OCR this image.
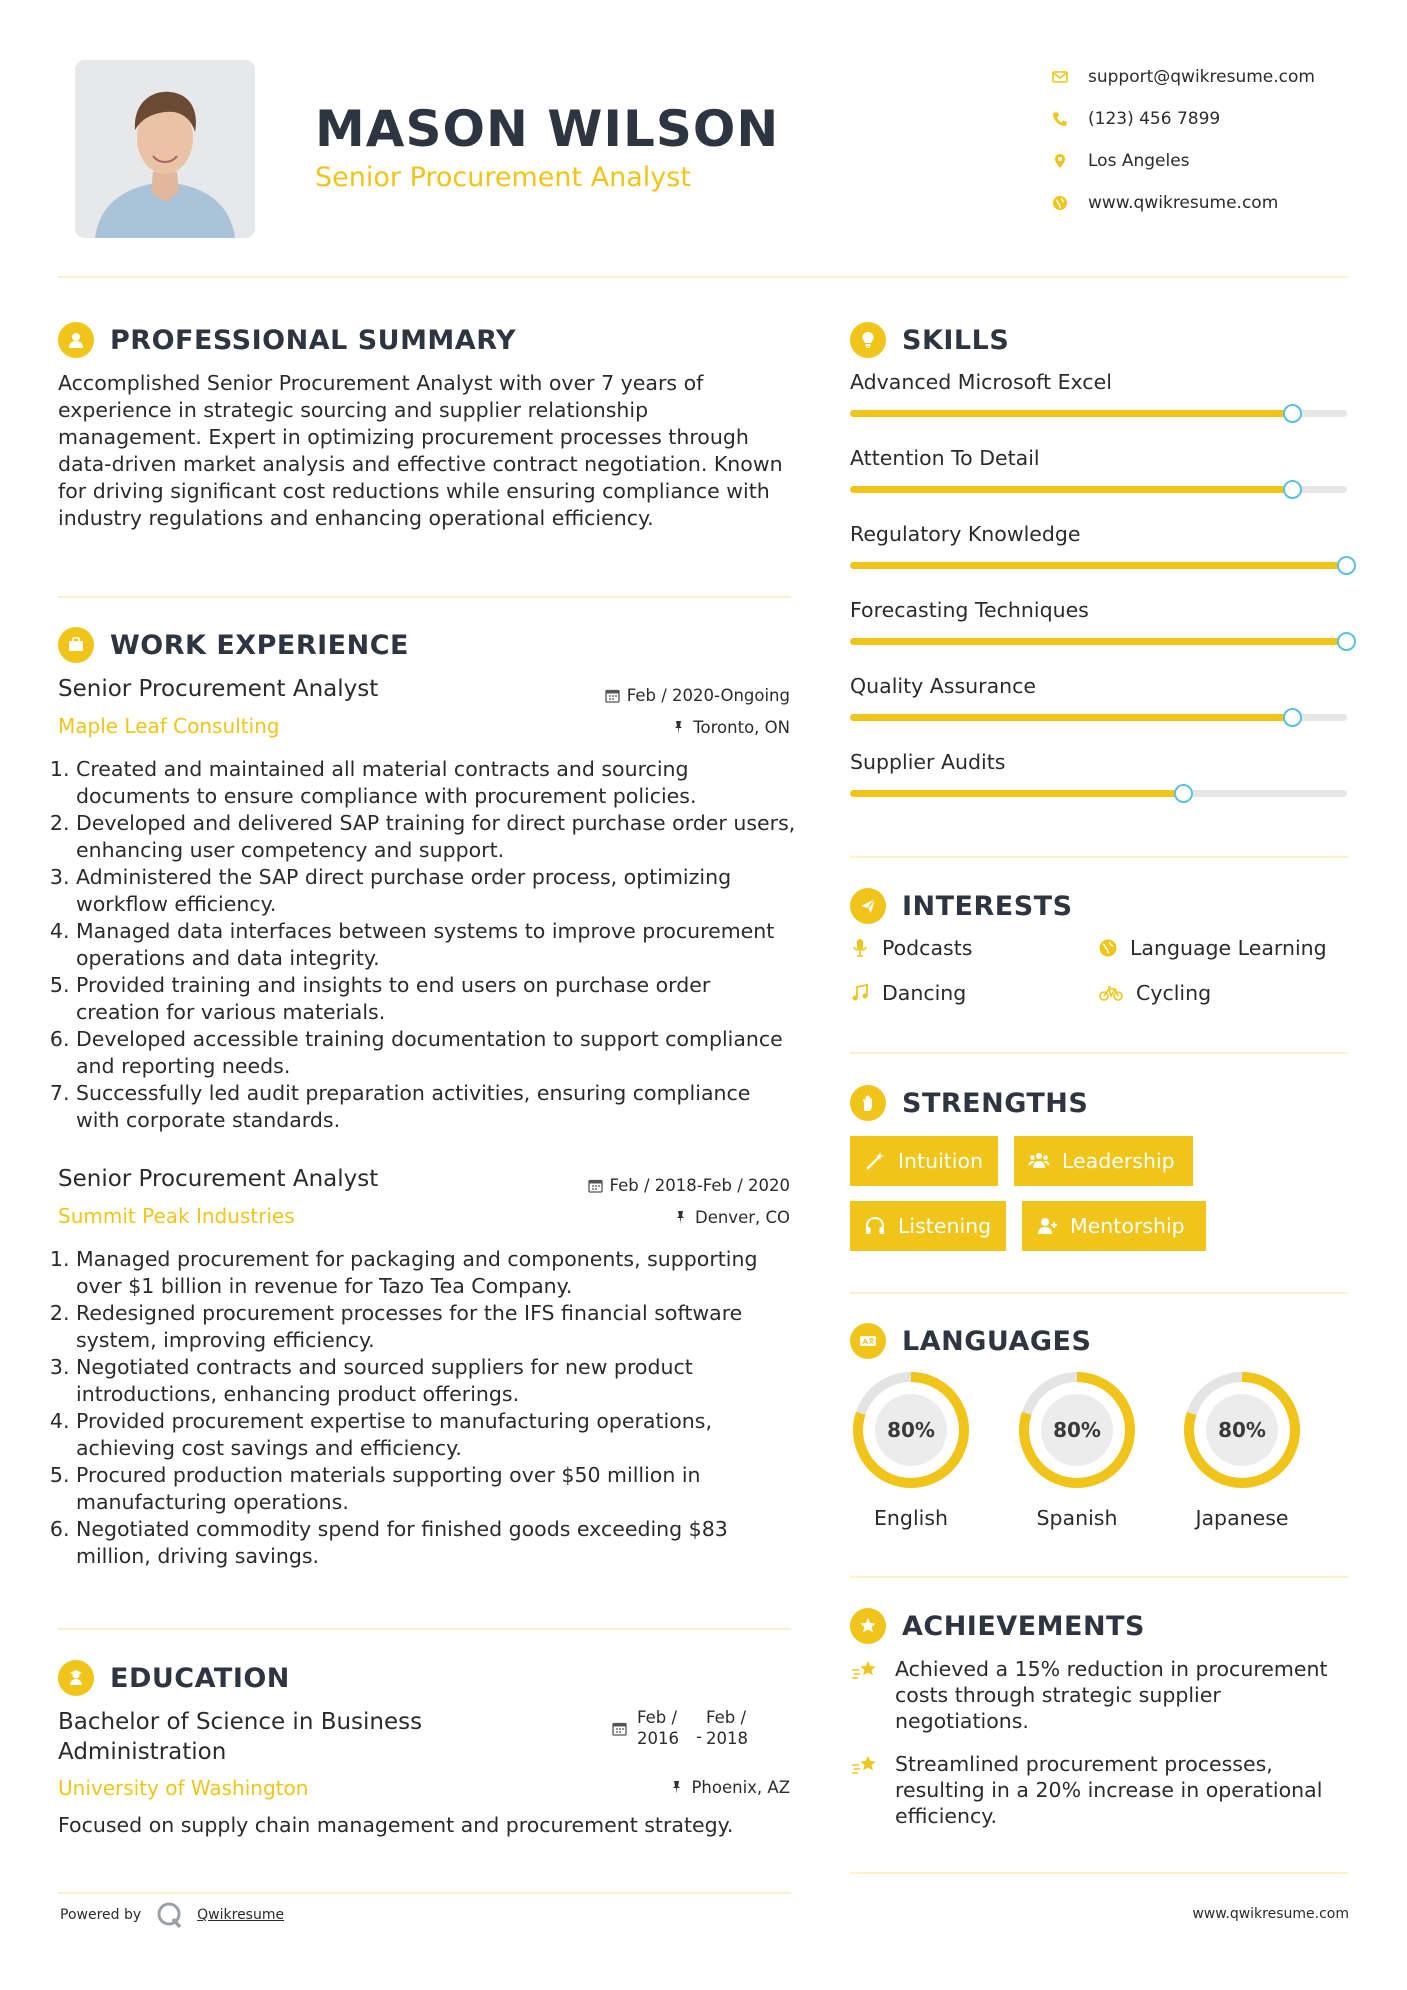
MASON WILSON
Senior Procurement Analyst
support@qwikresume.com
(123) 456 7899
Los Angeles
www.qwikresume.com
PROFESSIONAL SUMMARY
Accomplished Senior Procurement Analyst with over 7 years of experience in strategic sourcing and supplier relationship management. Expert in optimizing procurement processes through data-driven market analysis and effective contract negotiation. Known for driving significant cost reductions while ensuring compliance with industry regulations and enhancing operational efficiency.
WORK EXPERIENCE
Senior Procurement Analyst	Feb / 2020-Ongoing
Maple Leaf Consulting	Toronto, ON
1. Created and maintained all material contracts and sourcing documents to ensure compliance with procurement policies.
2. Developed and delivered SAP training for direct purchase order users, enhancing user competency and support.
3. Administered the SAP direct purchase order process, optimizing workflow efficiency.
4. Managed data interfaces between systems to improve procurement operations and data integrity.
5. Provided training and insights to end users on purchase order creation for various materials.
6. Developed accessible training documentation to support compliance and reporting needs.
7. Successfully led audit preparation activities, ensuring compliance with corporate standards.
Senior Procurement Analyst	Feb / 2018-Feb / 2020
Summit Peak Industries	Denver, CO
1. Managed procurement for packaging and components, supporting over $1 billion in revenue for Tazo Tea Company.
2. Redesigned procurement processes for the IFS financial software system, improving efficiency.
3. Negotiated contracts and sourced suppliers for new product introductions, enhancing product offerings.
4. Provided procurement expertise to manufacturing operations, achieving cost savings and efficiency.
5. Procured production materials supporting over $50 million in manufacturing operations.
6. Negotiated commodity spend for finished goods exceeding $83 million, driving savings.
EDUCATION
Bachelor of Science in Business Administration
Feb / 2016	-
Feb / 2018
University of Washington	Phoenix, AZ
Focused on supply chain management and procurement strategy.
SKILLS
Advanced Microsoft Excel
Attention To Detail
Regulatory Knowledge
Forecasting Techniques
Quality Assurance
Supplier Audits
INTERESTS
Podcasts	Language Learning
Dancing	Cycling
STRENGTHS
Intuition	Leadership
Listening	Mentorship
A LANGUAGES
80%
English
80%
Spanish
80%
Japanese
ACHIEVEMENTS
Achieved a 15% reduction in procurement costs through strategic supplier negotiations.
Streamlined procurement processes, resulting in a 20% increase in operational efficiency.
Powered by	Qwikresume	www.qwikresume.com
